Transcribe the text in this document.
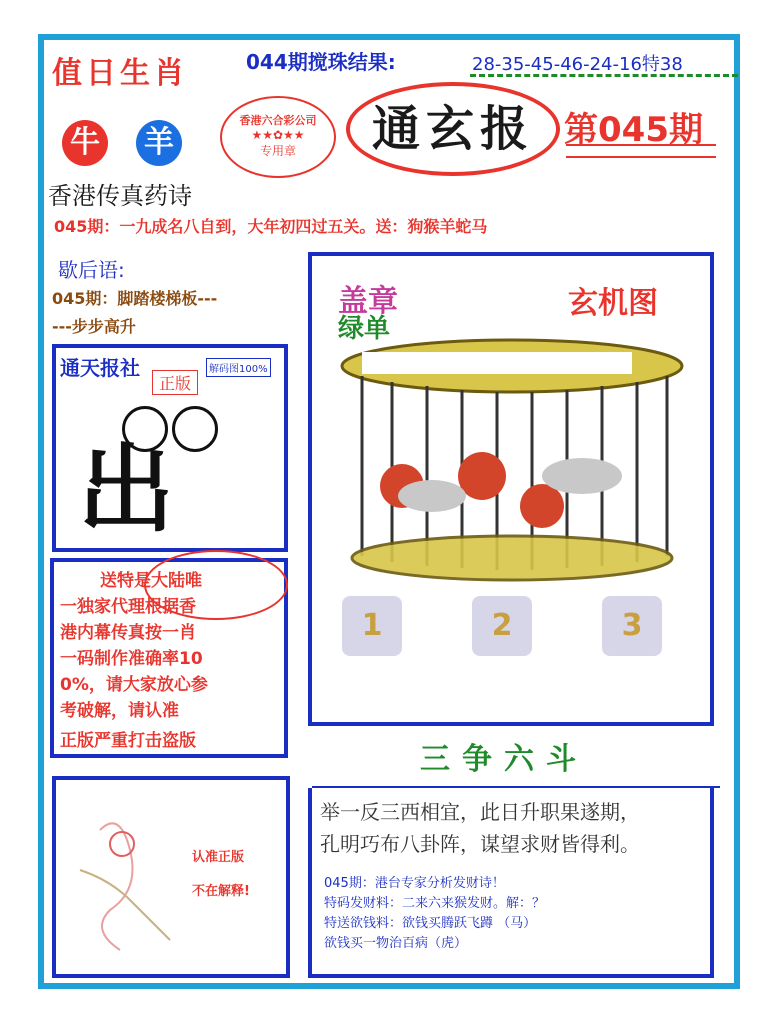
值日生肖	044期搅珠结果:	28-35-45-46-24-16特38
牛 羊
香港六合彩公司
★★✿★★
专用章	通玄报 第045期
香港传真药诗
045期：一九成名八自到，大年初四过五关。送：狗猴羊蛇马
歇后语:
045期：脚踏楼梯板---
---步步高升
通天报社	解码图100%
正版
出
送特是大陆唯
一独家代理根据香
港内幕传真按一肖
一码制作准确率10
0%，请大家放心参
考破解，请认准
正版严重打击盗版
认准正版
不在解释!
盖章
绿单
玄机图
1	2	3
三争六斗
举一反三西相宜，此日升职果遂期，
孔明巧布八卦阵，谋望求财皆得利。
045期：港台专家分析发财诗！
特码发财料：二来六来猴发财。解：？
特送欲钱料：欲钱买腾跃飞蹲 （马）
欲钱买一物治百病（虎）
